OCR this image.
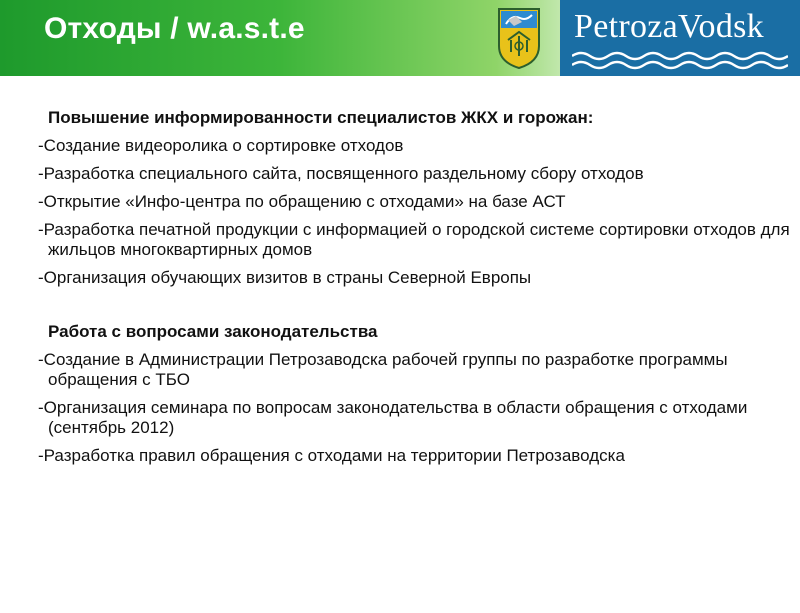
Отходы / w.a.s.t.e	PetrozaVodsk
Повышение информированности специалистов ЖКХ и горожан:
-Создание видеоролика о сортировке отходов
-Разработка специального сайта, посвященного раздельному сбору отходов
-Открытие «Инфо-центра по обращению с отходами» на базе АСТ
-Разработка печатной продукции с информацией о городской системе сортировки отходов для жильцов многоквартирных домов
-Организация обучающих визитов в страны Северной Европы
Работа с вопросами законодательства
-Создание в Администрации Петрозаводска рабочей группы по разработке программы обращения с ТБО
-Организация семинара по вопросам законодательства в области обращения с отходами (сентябрь 2012)
-Разработка правил обращения с отходами на территории Петрозаводска
